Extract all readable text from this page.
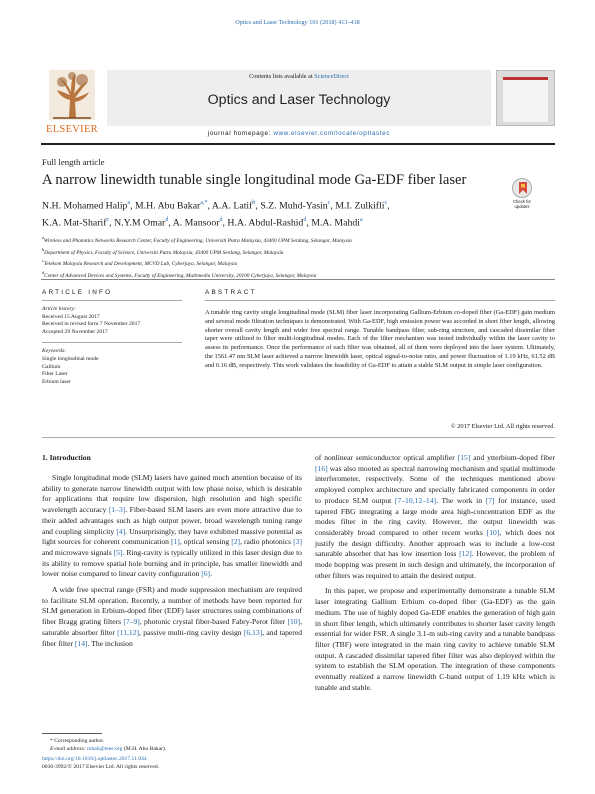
Optics and Laser Technology 101 (2018) 413–418
ELSEVIER
Contents lists available at ScienceDirect
Optics and Laser Technology
journal homepage: www.elsevier.com/locate/optlastec
Full length article
A narrow linewidth tunable single longitudinal mode Ga-EDF fiber laser
Check for
updates
N.H. Mohamed Halip$^a$, M.H. Abu Bakar$^{a,*}$, A.A. Latif$^b$, S.Z. Muhd-Yasin$^c$, M.I. Zulkifli$^c$,
K.A. Mat-Sharif$^c$, N.Y.M Omar$^d$, A. Mansoor$^d$, H.A. Abdul-Rashid$^d$, M.A. Mahdi$^a$
$^a$Wireless and Photonics Networks Research Center, Faculty of Engineering, Universiti Putra Malaysia, 43400 UPM Serdang, Selangor, Malaysia
$^b$Department of Physics, Faculty of Science, Universiti Putra Malaysia, 43400 UPM Serdang, Selangor, Malaysia
$^c$Telekom Malaysia Research and Development, MCVD Lab, Cyberjaya, Selangor, Malaysia
$^d$Center of Advanced Devices and Systems, Faculty of Engineering, Multimedia University, 20100 Cyberjaya, Selangor, Malaysia
ARTICLE INFO
Article history:
Received 15 August 2017
Received in revised form 7 November 2017
Accepted 29 November 2017
Keywords:
Single longitudinal mode
Gallium
Fiber Laser
Erbium laser
ABSTRACT

A tunable ring cavity single longitudinal mode (SLM) fiber laser incorporating Gallium-Erbium co-doped fiber (Ga-EDF) gain medium and several mode filtration techniques is demonstrated. With Ga-EDF, high emission power was accorded in short fiber length, allowing shorter overall cavity length and wider free spectral range. Tunable bandpass filter, sub-ring structure, and cascaded dissimilar fiber taper were utilized to filter multi-longitudinal modes. Each of the filter mechanism was tested individually within the laser cavity to assess its performance. Once the performance of each filter was obtained, all of them were deployed into the laser system. Ultimately, the 1561.47 nm SLM laser achieved a narrow linewidth laser, optical signal-to-noise ratio, and power fluctuation of 1.19 kHz, 61.52 dB and 0.16 dB, respectively. This work validates the feasibility of Ga-EDF to attain a stable SLM output in simple laser configuration.

© 2017 Elsevier Ltd. All rights reserved.
1. Introduction

Single longitudinal mode (SLM) lasers have gained much attention because of its ability to generate narrow linewidth output with low phase noise, which is desirable for applications that require low dispersion, high resolution and high specific wavelength accuracy [1–3]. Fiber-based SLM lasers are even more attractive due to their added advantages such as high output power, broad wavelength tuning range and coupling simplicity [4]. Unsurprisingly, they have exhibited massive potential as light sources for coherent communication [1], optical sensing [2], radio photonics [3] and microwave signals [5]. Ring-cavity is typically utilized in this laser design due to its ability to remove spatial hole burning and in principle, has smaller linewidth and lower noise compared to linear cavity configuration [6].

A wide free spectral range (FSR) and mode suppression mechanism are required to facilitate SLM operation. Recently, a number of methods have been reported for SLM generation in Erbium-doped fiber (EDF) laser structures using combinations of fiber Bragg grating filters [7–9], photonic crystal fiber-based Fabry-Perot filter [10], saturable absorber filter [11,12], passive multi-ring cavity design [6,13], and tapered fiber filter [14]. The inclusion

of nonlinear semiconductor optical amplifier [15] and ytterbium-doped fiber [16] was also mooted as spectral narrowing mechanism and spatial multimode interferometer, respectively. Some of the techniques mentioned above employed complex architecture and specially fabricated components in order to produce SLM output [7–10,12–14]. The work in [7] for instance, used tapered FBG integrating a large mode area high-concentration EDF as the modes filter in the ring cavity. However, the output linewidth was considerably broad compared to other recent works [10], which does not justify the design difficulty. Another approach was to include a low-cost saturable absorber that has low insertion loss [12]. However, the problem of mode hopping was present in such design and ultimately, the incorporation of other filters was required to attain the desired output.

In this paper, we propose and experimentally demonstrate a tunable SLM laser integrating Gallium Erbium co-doped fiber (Ga-EDF) as the gain medium. The use of highly doped Ga-EDF enables the generation of high gain in short fiber length, which ultimately contributes to shorter laser cavity length essential for wider FSR. A single 3.1-m sub-ring cavity and a tunable bandpass filter (TBF) were integrated in the main ring cavity to achieve tunable SLM output. A cascaded dissimilar tapered fiber filter was also deployed within the system to establish the SLM operation. The integration of these components eventually realized a narrow linewidth C-band output of 1.19 kHz which is tunable and stable.

* Corresponding author.
E-mail address: mhab@ieee.org (M.H. Abu Bakar).
https://doi.org/10.1016/j.optlastec.2017.11.044
0030-3992/© 2017 Elsevier Ltd. All rights reserved.
